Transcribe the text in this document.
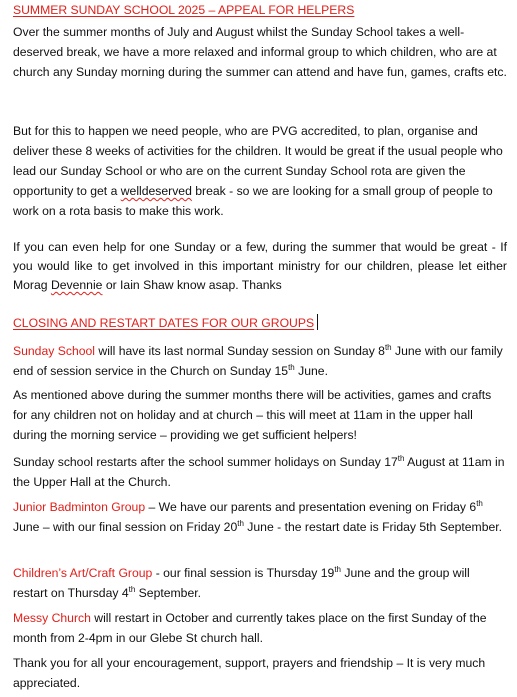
SUMMER SUNDAY SCHOOL 2025 – APPEAL FOR HELPERS

Over the summer months of July and August whilst the Sunday School takes a well-deserved break, we have a more relaxed and informal group to which children, who are at church any Sunday morning during the summer can attend and have fun, games, crafts etc.

But for this to happen we need people, who are PVG accredited, to plan, organise and deliver these 8 weeks of activities for the children. It would be great if the usual people who lead our Sunday School or who are on the current Sunday School rota are given the opportunity to get a welldeserved break - so we are looking for a small group of people to work on a rota basis to make this work.

If you can even help for one Sunday or a few, during the summer that would be great - If you would like to get involved in this important ministry for our children, please let either Morag Devennie or Iain Shaw know asap. Thanks

CLOSING AND RESTART DATES FOR OUR GROUPS

Sunday School will have its last normal Sunday session on Sunday 8th June with our family end of session service in the Church on Sunday 15th June.

As mentioned above during the summer months there will be activities, games and crafts for any children not on holiday and at church – this will meet at 11am in the upper hall during the morning service – providing we get sufficient helpers!

Sunday school restarts after the school summer holidays on Sunday 17th August at 11am in the Upper Hall at the Church.

Junior Badminton Group – We have our parents and presentation evening on Friday 6th June – with our final session on Friday 20th June - the restart date is Friday 5th September.

Children’s Art/Craft Group - our final session is Thursday 19th June and the group will restart on Thursday 4th September.

Messy Church will restart in October and currently takes place on the first Sunday of the month from 2-4pm in our Glebe St church hall.

Thank you for all your encouragement, support, prayers and friendship – It is very much appreciated.
